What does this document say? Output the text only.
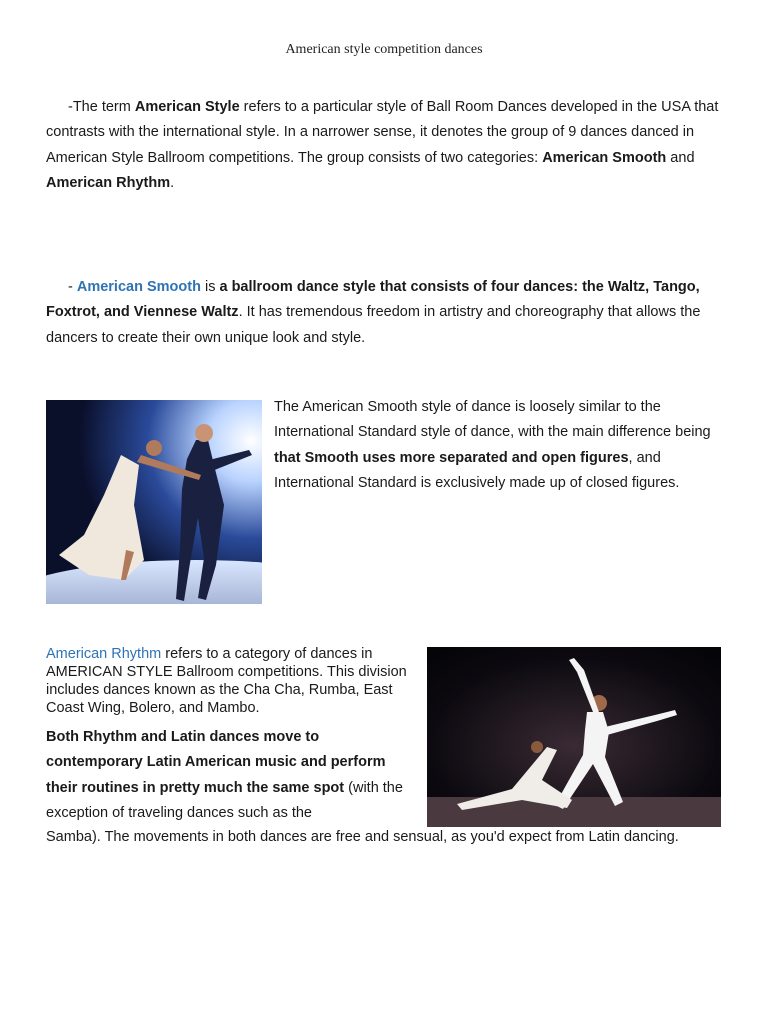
American style competition dances
-The term American Style refers to a particular style of Ball Room Dances developed in the USA that contrasts with the international style. In a narrower sense, it denotes the group of 9 dances danced in American Style Ballroom competitions. The group consists of two categories: American Smooth and American Rhythm.
- American Smooth is a ballroom dance style that consists of four dances: the Waltz, Tango, Foxtrot, and Viennese Waltz. It has tremendous freedom in artistry and choreography that allows the dancers to create their own unique look and style.
The American Smooth style of dance is loosely similar to the International Standard style of dance, with the main difference being that Smooth uses more separated and open figures, and International Standard is exclusively made up of closed figures.
American Rhythm refers to a category of dances in AMERICAN STYLE Ballroom competitions. This division includes dances known as the Cha Cha, Rumba, East Coast Wing, Bolero, and Mambo.
Both Rhythm and Latin dances move to contemporary Latin American music and perform their routines in pretty much the same spot (with the exception of traveling dances such as the
Samba). The movements in both dances are free and sensual, as you'd expect from Latin dancing.
